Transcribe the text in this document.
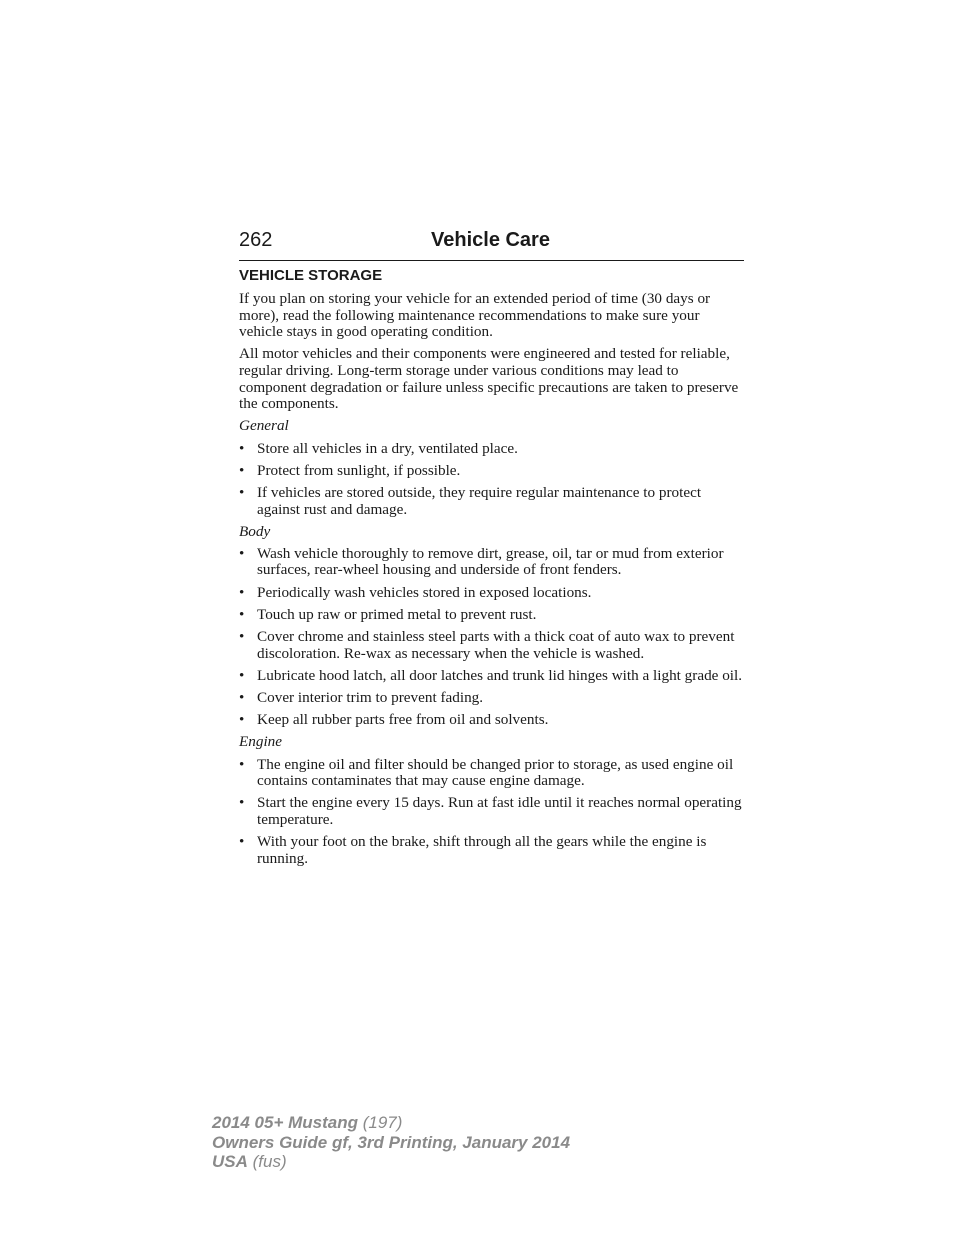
262	Vehicle Care
VEHICLE STORAGE

If you plan on storing your vehicle for an extended period of time (30 days or more), read the following maintenance recommendations to make sure your vehicle stays in good operating condition.

All motor vehicles and their components were engineered and tested for reliable, regular driving. Long-term storage under various conditions may lead to component degradation or failure unless specific precautions are taken to preserve the components.

General
• Store all vehicles in a dry, ventilated place.
• Protect from sunlight, if possible.
• If vehicles are stored outside, they require regular maintenance to protect against rust and damage.
Body
• Wash vehicle thoroughly to remove dirt, grease, oil, tar or mud from exterior surfaces, rear-wheel housing and underside of front fenders.
• Periodically wash vehicles stored in exposed locations.
• Touch up raw or primed metal to prevent rust.
• Cover chrome and stainless steel parts with a thick coat of auto wax to prevent discoloration. Re-wax as necessary when the vehicle is washed.
• Lubricate hood latch, all door latches and trunk lid hinges with a light grade oil.
• Cover interior trim to prevent fading.
• Keep all rubber parts free from oil and solvents.
Engine
• The engine oil and filter should be changed prior to storage, as used engine oil contains contaminates that may cause engine damage.
• Start the engine every 15 days. Run at fast idle until it reaches normal operating temperature.
• With your foot on the brake, shift through all the gears while the engine is running.
2014 05+ Mustang (197)
Owners Guide gf, 3rd Printing, January 2014
USA (fus)
